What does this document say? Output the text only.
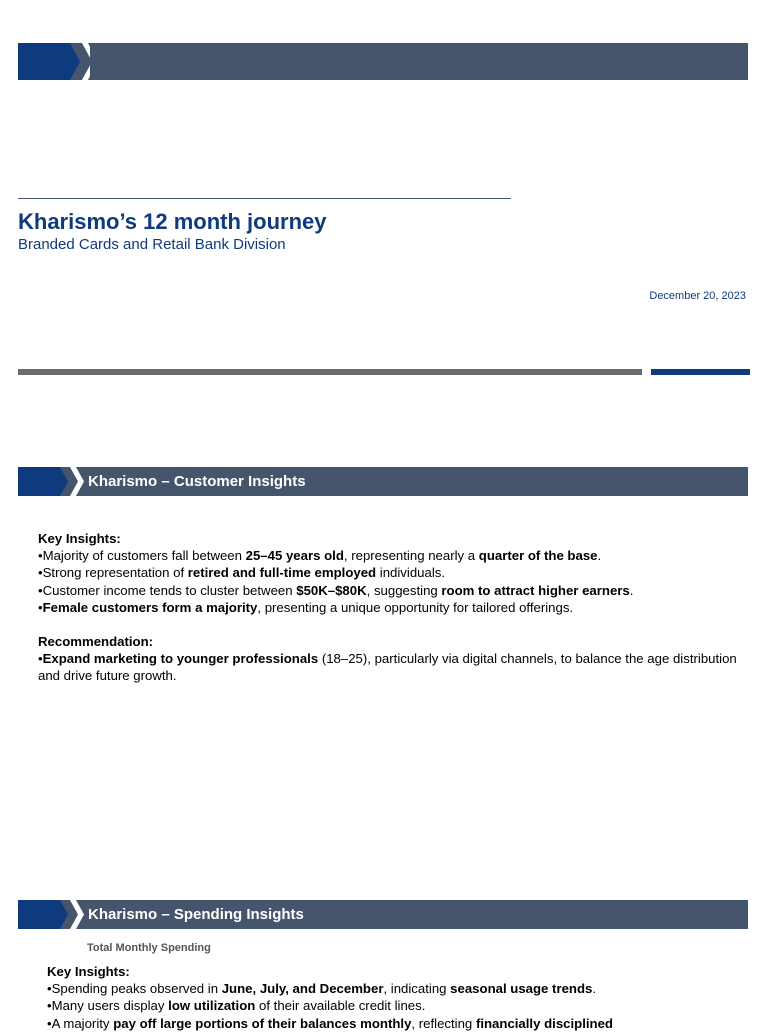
Kharismo’s 12 month journey
Branded Cards and Retail Bank Division
December 20, 2023
Kharismo – Customer Insights

Key Insights:

•Majority of customers fall between 25–45 years old, representing nearly a quarter of the base.

•Strong representation of retired and full-time employed individuals.

•Customer income tends to cluster between $50K–$80K, suggesting room to attract higher earners.

•Female customers form a majority, presenting a unique opportunity for tailored offerings.

Recommendation:

•Expand marketing to younger professionals (18–25), particularly via digital channels, to balance the age distribution and drive future growth.

Kharismo – Spending Insights
Total Monthly Spending

Key Insights:

•Spending peaks observed in June, July, and December, indicating seasonal usage trends.

•Many users display low utilization of their available credit lines.

•A majority pay off large portions of their balances monthly, reflecting financially disciplined
